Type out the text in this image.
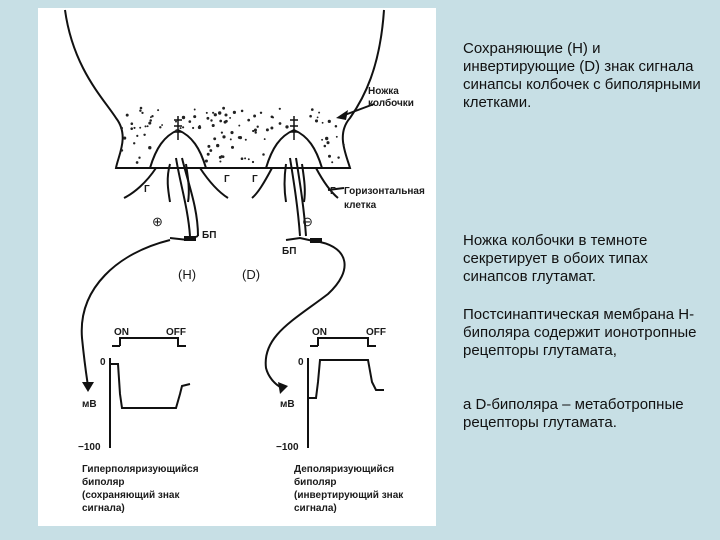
Ножка
колбочки
Горизонтальная
клетка
Г
Г Г
Г
БП
БП
⊕	⊖
(H)	(D)
ON	OFF
0
мВ
−100
ON	OFF
0
мВ
−100
Гиперполяризующийся
биполяр
(сохраняющий знак
сигнала)
Деполяризующийся
биполяр
(инвертирующий знак
сигнала)
Сохраняющие (Н) и инвертирующие (D) знак сигнала синапсы колбочек с биполярными клетками.
Ножка колбочки в темноте секретирует в обоих типах синапсов глутамат.
Постсинаптическая мембрана Н-биполяра содержит ионотропные рецепторы глутамата,
а D-биполяра – метаботропные рецепторы глутамата.
